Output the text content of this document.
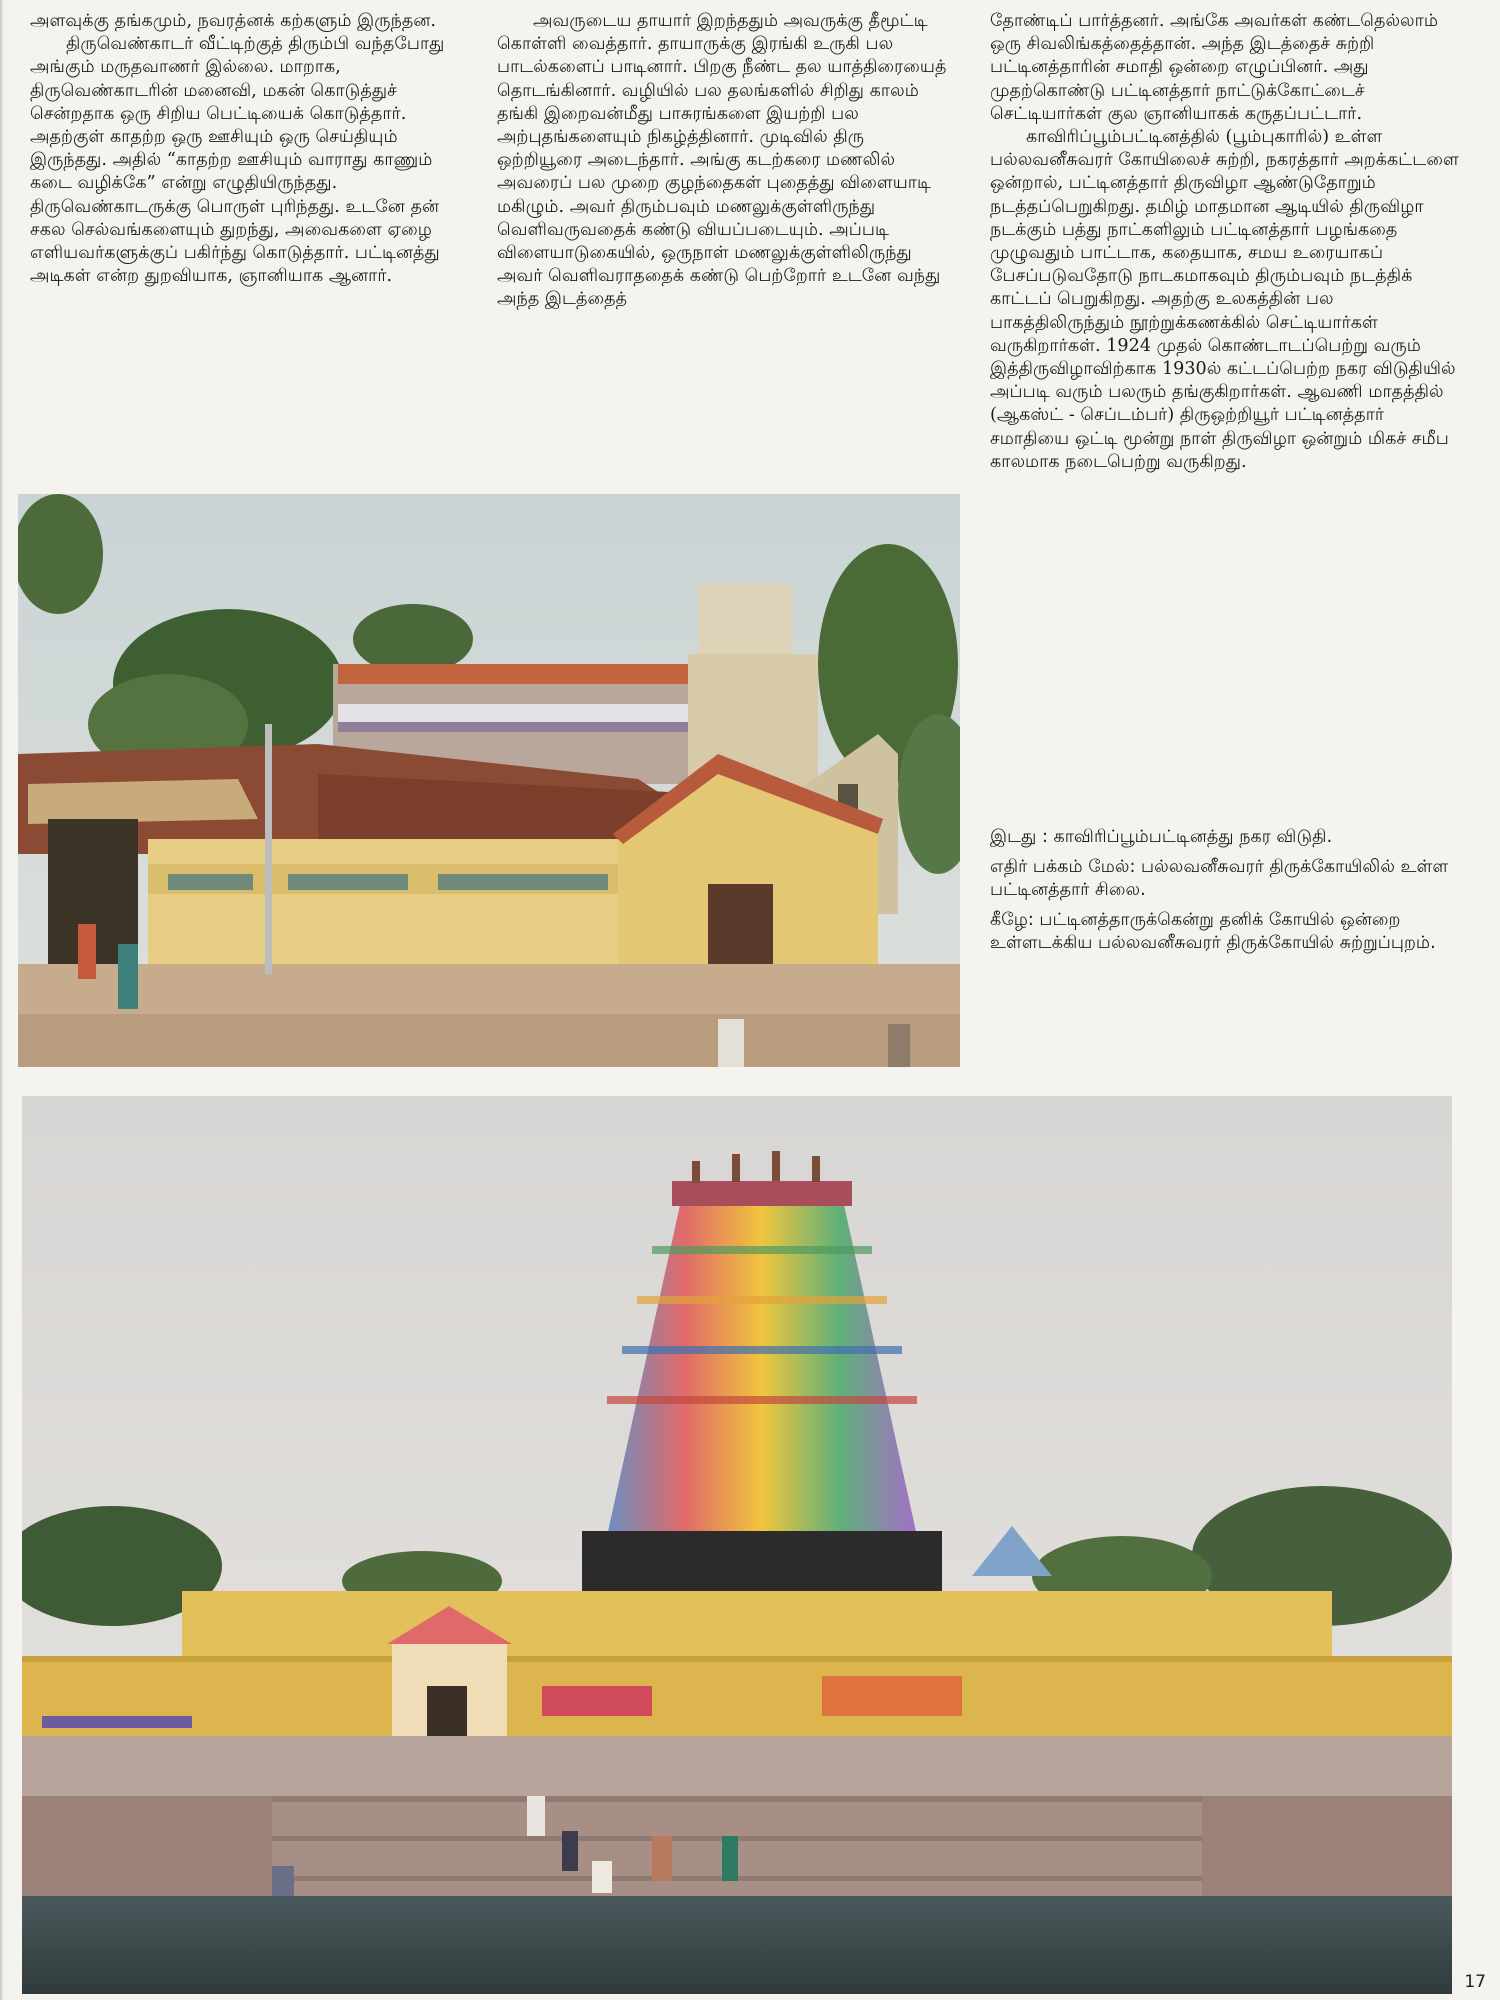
அளவுக்கு தங்கமும், நவரத்னக் கற்களும் இருந்தன.

திருவெண்காடர் வீட்டிற்குத் திரும்பி வந்தபோது அங்கும் மருதவாணர் இல்லை. மாறாக, திருவெண்காடரின் மனைவி, மகன் கொடுத்துச் சென்றதாக ஒரு சிறிய பெட்டியைக் கொடுத்தார். அதற்குள் காதற்ற ஒரு ஊசியும் ஒரு செய்தியும் இருந்தது. அதில் “காதற்ற ஊசியும் வாராது காணும் கடை வழிக்கே” என்று எழுதியிருந்தது. திருவெண்காடருக்கு பொருள் புரிந்தது. உடனே தன் சகல செல்வங்களையும் துறந்து, அவைகளை ஏழை எளியவர்களுக்குப் பகிர்ந்து கொடுத்தார். பட்டினத்து அடிகள் என்ற துறவியாக, ஞானியாக ஆனார்.

அவருடைய தாயார் இறந்ததும் அவருக்கு தீமூட்டி கொள்ளி வைத்தார். தாயாருக்கு இரங்கி உருகி பல பாடல்களைப் பாடினார். பிறகு நீண்ட தல யாத்திரையைத் தொடங்கினார். வழியில் பல தலங்களில் சிறிது காலம் தங்கி இறைவன்மீது பாசுரங்களை இயற்றி பல அற்புதங்களையும் நிகழ்த்தினார். முடிவில் திரு ஒற்றியூரை அடைந்தார். அங்கு கடற்கரை மணலில் அவரைப் பல முறை குழந்தைகள் புதைத்து விளையாடி மகிழும். அவர் திரும்பவும் மணலுக்குள்ளிருந்து வெளிவருவதைக் கண்டு வியப்படையும். அப்படி விளையாடுகையில், ஒருநாள் மணலுக்குள்ளிலிருந்து அவர் வெளிவராததைக் கண்டு பெற்றோர் உடனே வந்து அந்த இடத்தைத்

தோண்டிப் பார்த்தனர். அங்கே அவர்கள் கண்டதெல்லாம் ஒரு சிவலிங்கத்தைத்தான். அந்த இடத்தைச் சுற்றி பட்டினத்தாரின் சமாதி ஒன்றை எழுப்பினர். அது முதற்கொண்டு பட்டினத்தார் நாட்டுக்கோட்டைச் செட்டியார்கள் குல ஞானியாகக் கருதப்பட்டார்.

காவிரிப்பூம்பட்டினத்தில் (பூம்புகாரில்) உள்ள பல்லவனீசுவரர் கோயிலைச் சுற்றி, நகரத்தார் அறக்கட்டளை ஒன்றால், பட்டினத்தார் திருவிழா ஆண்டுதோறும் நடத்தப்பெறுகிறது. தமிழ் மாதமான ஆடியில் திருவிழா நடக்கும் பத்து நாட்களிலும் பட்டினத்தார் பழங்கதை முழுவதும் பாட்டாக, கதையாக, சமய உரையாகப் பேசப்படுவதோடு நாடகமாகவும் திரும்பவும் நடத்திக் காட்டப் பெறுகிறது. அதற்கு உலகத்தின் பல பாகத்திலிருந்தும் நூற்றுக்கணக்கில் செட்டியார்கள் வருகிறார்கள். 1924 முதல் கொண்டாடப்பெற்று வரும் இத்திருவிழாவிற்காக 1930ல் கட்டப்பெற்ற நகர விடுதியில் அப்படி வரும் பலரும் தங்குகிறார்கள். ஆவணி மாதத்தில் (ஆகஸ்ட் - செப்டம்பர்) திருஒற்றியூர் பட்டினத்தார் சமாதியை ஒட்டி மூன்று நாள் திருவிழா ஒன்றும் மிகச் சமீப காலமாக நடைபெற்று வருகிறது.

இடது : காவிரிப்பூம்பட்டினத்து நகர விடுதி.

எதிர் பக்கம் மேல்: பல்லவனீசுவரர் திருக்கோயிலில் உள்ள பட்டினத்தார் சிலை.

கீழே: பட்டினத்தாருக்கென்று தனிக் கோயில் ஒன்றை உள்ளடக்கிய பல்லவனீசுவரர் திருக்கோயில் சுற்றுப்புறம்.

17
